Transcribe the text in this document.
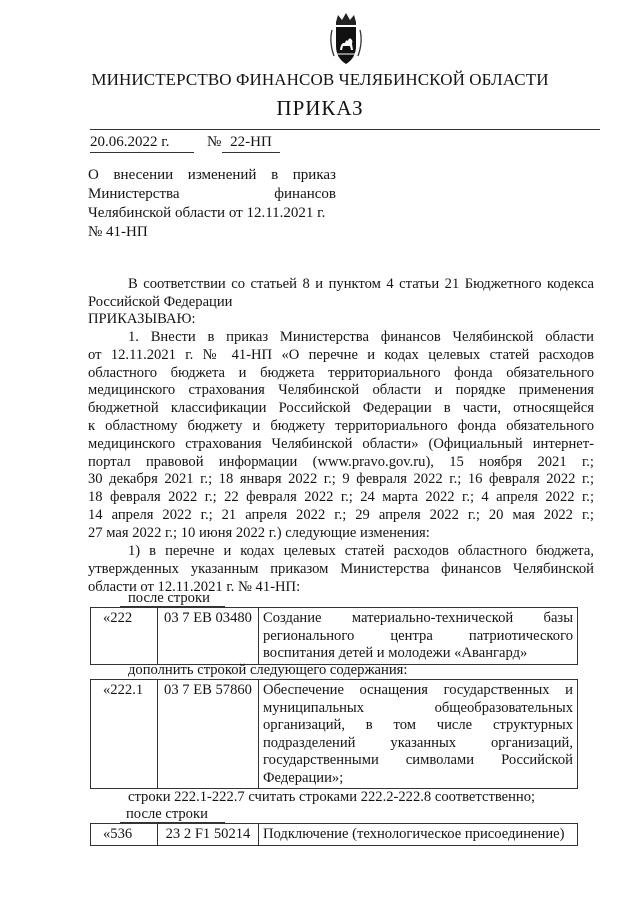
МИНИСТЕРСТВО ФИНАНСОВ ЧЕЛЯБИНСКОЙ ОБЛАСТИ
ПРИКАЗ
20.06.2022 г.	№ 22-НП
О внесении изменений в приказ
Министерства	финансов
Челябинской области от 12.11.2021 г.
№ 41-НП
В соответствии со статьей 8 и пунктом 4 статьи 21 Бюджетного кодекса
Российской Федерации
ПРИКАЗЫВАЮ:
1. Внести в приказ Министерства финансов Челябинской области
от 12.11.2021 г. № 41-НП «О перечне и кодах целевых статей расходов
областного бюджета и бюджета территориального фонда обязательного
медицинского страхования Челябинской области и порядке применения
бюджетной классификации Российской Федерации в части, относящейся
к областному бюджету и бюджету территориального фонда обязательного
медицинского страхования Челябинской области» (Официальный интернет-
портал правовой информации (www.pravo.gov.ru), 15 ноября 2021 г.;
30 декабря 2021 г.; 18 января 2022 г.; 9 февраля 2022 г.; 16 февраля 2022 г.;
18 февраля 2022 г.; 22 февраля 2022 г.; 24 марта 2022 г.; 4 апреля 2022 г.;
14 апреля 2022 г.; 21 апреля 2022 г.; 29 апреля 2022 г.; 20 мая 2022 г.;
27 мая 2022 г.; 10 июня 2022 г.) следующие изменения:
1) в перечне и кодах целевых статей расходов областного бюджета,
утвержденных указанным приказом Министерства финансов Челябинской
области от 12.11.2021 г. № 41-НП:
после строки
«222	03 7 ЕВ 03480	Создание материально-технической базы
регионального центра патриотического
воспитания детей и молодежи «Авангард»
дополнить строкой следующего содержания:
«222.1	03 7 ЕВ 57860	Обеспечение оснащения государственных и
муниципальных общеобразовательных
организаций, в том числе структурных
подразделений указанных организаций,
государственными символами Российской
Федерации»;
строки 222.1-222.7 считать строками 222.2-222.8 соответственно;
после строки
«536	23 2 F1 50214	Подключение (технологическое присоединение)
